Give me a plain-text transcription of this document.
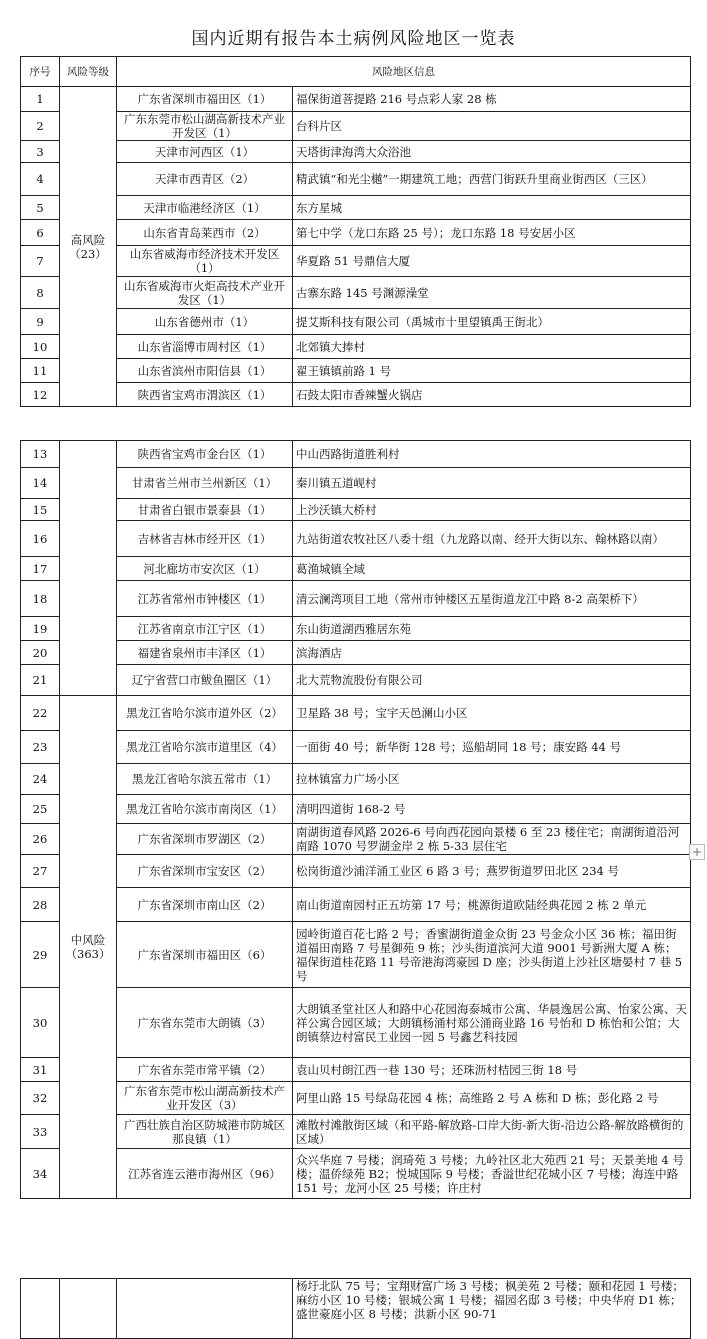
国内近期有报告本土病例风险地区一览表
序号	风险等级	风险地区信息	
1	高风险（23）	广东省深圳市福田区（1）	福保街道菩提路 216 号点彩人家 28 栋
2		广东东莞市松山湖高新技术产业开发区（1）	台科片区
3		天津市河西区（1）	天塔街津海湾大众浴池
4		天津市西青区（2）	精武镇“和光尘樾”一期建筑工地；西营门街跃升里商业街西区（三区）
5		天津市临港经济区（1）	东方星城
6		山东省青岛莱西市（2）	第七中学（龙口东路 25 号）；龙口东路 18 号安居小区
7		山东省威海市经济技术开发区（1）	华夏路 51 号鼎信大厦
8		山东省威海市火炬高技术产业开发区（1）	古寨东路 145 号渊源澡堂
9		山东省德州市（1）	提艾斯科技有限公司（禹城市十里望镇禹王街北）
10		山东省淄博市周村区（1）	北郊镇大捧村
11		山东省滨州市阳信县（1）	翟王镇镇前路 1 号
12		陕西省宝鸡市渭滨区（1）	石鼓太阳市香辣蟹火锅店
13		陕西省宝鸡市金台区（1）	中山西路街道胜利村
14		甘肃省兰州市兰州新区（1）	秦川镇五道岘村
15		甘肃省白银市景泰县（1）	上沙沃镇大桥村
16		吉林省吉林市经开区（1）	九站街道农牧社区八委十组（九龙路以南、经开大街以东、翰林路以南）
17		河北廊坊市安次区（1）	葛渔城镇全域
18		江苏省常州市钟楼区（1）	清云澜湾项目工地（常州市钟楼区五星街道龙江中路 8-2 高架桥下）
19		江苏省南京市江宁区（1）	东山街道湖西雅居东苑
20		福建省泉州市丰泽区（1）	滨海酒店
21		辽宁省营口市鲅鱼圈区（1）	北大荒物流股份有限公司
22	中风险（363）	黑龙江省哈尔滨市道外区（2）	卫星路 38 号；宝宇天邑澜山小区
23		黑龙江省哈尔滨市道里区（4）	一面街 40 号；新华街 128 号；巡船胡同 18 号；康安路 44 号
24		黑龙江省哈尔滨五常市（1）	拉林镇富力广场小区
25		黑龙江省哈尔滨市南岗区（1）	清明四道街 168-2 号
26		广东省深圳市罗湖区（2）	南湖街道春风路 2026-6 号向西花园向景楼 6 至 23 楼住宅；南湖街道沿河南路 1070 号罗湖金岸 2 栋 5-33 层住宅
27		广东省深圳市宝安区（2）	松岗街道沙浦洋涌工业区 6 路 3 号；燕罗街道罗田北区 234 号
28		广东省深圳市南山区（2）	南山街道南园村正五坊第 17 号；桃源街道欧陆经典花园 2 栋 2 单元
29		广东省深圳市福田区（6）	园岭街道百花七路 2 号；香蜜湖街道金众街 23 号金众小区 36 栋；福田街道福田南路 7 号星御苑 9 栋；沙头街道滨河大道 9001 号新洲大厦 A 栋；福保街道桂花路 11 号帝港海湾豪园 D 座；沙头街道上沙社区塘晏村 7 巷 5 号
30		广东省东莞市大朗镇（3）	大朗镇圣堂社区人和路中心花园海泰城市公寓、华晨逸居公寓、怡家公寓、天祥公寓合园区域；大朗镇杨涌村郑公涌商业路 16 号怡和 D 栋怡和公馆；大朗镇蔡边村富民工业园一园 5 号鑫艺科技园
31		广东省东莞市常平镇（2）	袁山贝村朗江西一巷 130 号；还珠沥村桔园三街 18 号
32		广东省东莞市松山湖高新技术产业开发区（3）	阿里山路 15 号绿岛花园 4 栋；高维路 2 号 A 栋和 D 栋；彭化路 2 号
33		广西壮族自治区防城港市防城区那良镇（1）	滩散村滩散街区域（和平路-解放路-口岸大街-新大街-沿边公路-解放路横街的区域）
34		江苏省连云港市海州区（96）	众兴华庭 7 号楼；润琦苑 3 号楼；九岭社区北大苑西 21 号；天景美地 4 号楼；温侨绿苑 B2；悦城国际 9 号楼；香溢世纪花城小区 7 号楼；海连中路 151 号；龙河小区 25 号楼；许庄村
			杨圩北队 75 号；宝翔财富广场 3 号楼；枫美苑 2 号楼；颐和花园 1 号楼；麻纺小区 10 号楼；银城公寓 1 号楼；福园名邸 3 号楼；中央华府 D1 栋；盛世豪庭小区 8 号楼；洪新小区 90-71
+
